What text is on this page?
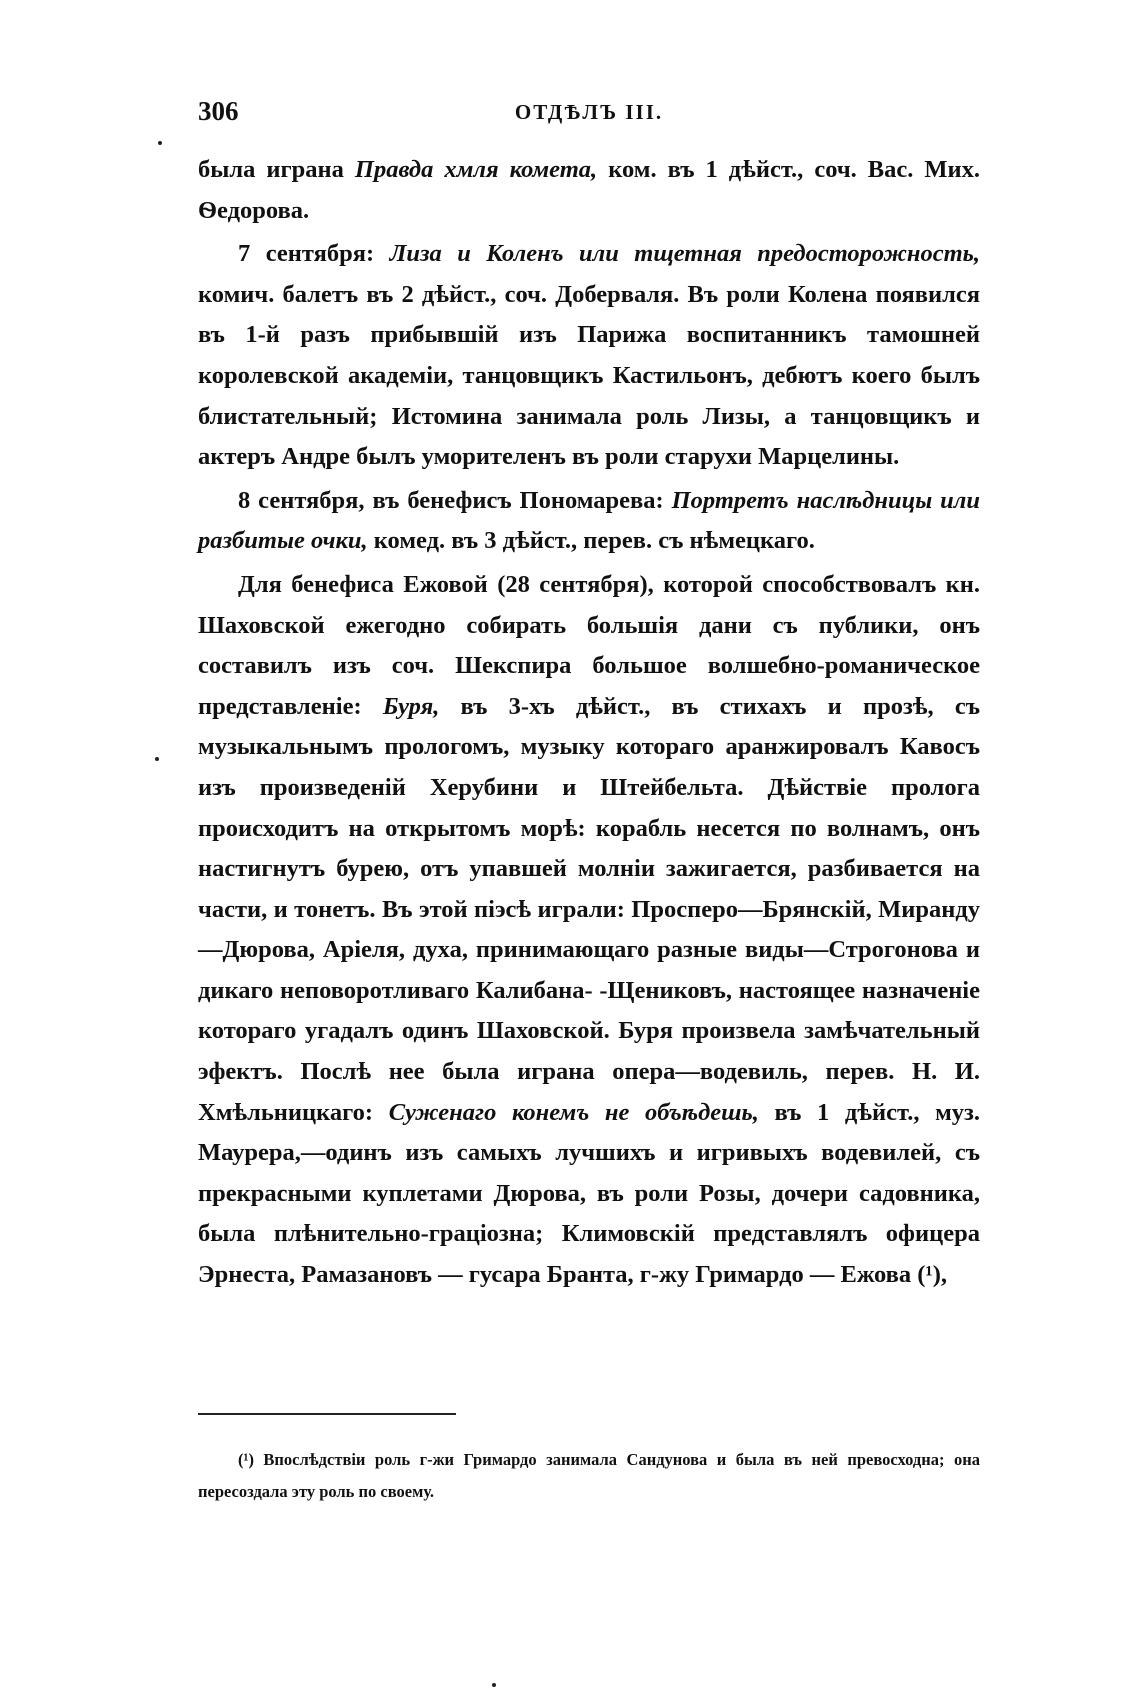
306	ОТДѢЛЪ III.

была играна Правда хмля комета, ком. въ 1 дѣйст., соч. Вас. Мих. Ѳедорова.

7 сентября: Лиза и Коленъ или тщетная предосторожность, комич. балетъ въ 2 дѣйст., соч. Добервaля. Въ роли Колена появился въ 1-й разъ прибывшій изъ Парижа воспитанникъ тамошней королевской академіи, танцовщикъ Кастильонъ, дебютъ коего былъ блистательный; Истомина занимала роль Лизы, а танцовщикъ и актеръ Андре былъ уморителенъ въ роли старухи Марцелины.

8 сентября, въ бенефисъ Пономарева: Портретъ наслѣдницы или разбитые очки, комед. въ 3 дѣйст., перев. съ нѣмецкаго.

Для бенефиса Ежовой (28 сентября), которой способствовалъ кн. Шаховской ежегодно собирать большія дани съ публики, онъ составилъ изъ соч. Шекспира большое волшебно-романическое представленіе: Буря, въ 3-хъ дѣйст., въ стихахъ и прозѣ, съ музыкальнымъ прологомъ, музыку котораго аранжировалъ Кавосъ изъ произведеній Херубини и Штейбельта. Дѣйствіе пролога происходитъ на открытомъ морѣ: корабль несется по волнамъ, онъ настигнутъ бурею, отъ упавшей молніи зажигается, разбивается на части, и тонетъ. Въ этой піэсѣ играли: Просперо—Брянскій, Миранду—Дюрова, Аріеля, духа, принимающаго разные виды—Строгонова и дикаго неповоротливаго Калибана- -Щениковъ, настоящее назначеніе котораго угадалъ одинъ Шаховской. Буря произвела замѣчательный эфектъ. Послѣ нее была играна опера—водевиль, перев. Н. И. Хмѣльницкаго: Суженаго конемъ не объѣдешь, въ 1 дѣйст., муз. Маурера,—одинъ изъ самыхъ лучшихъ и игривыхъ водевилей, съ прекрасными куплетами Дюрова, въ роли Розы, дочери садовника, была плѣнительно-граціозна; Климовскій представлялъ офицера Эрнеста, Рамазановъ — гусара Бранта, г-жу Гримардо — Ежова (¹),

(¹) Впослѣдствіи роль г-жи Гримардо занимала Сандунова и была въ ней превосходна; она пересоздала эту роль по своему.
